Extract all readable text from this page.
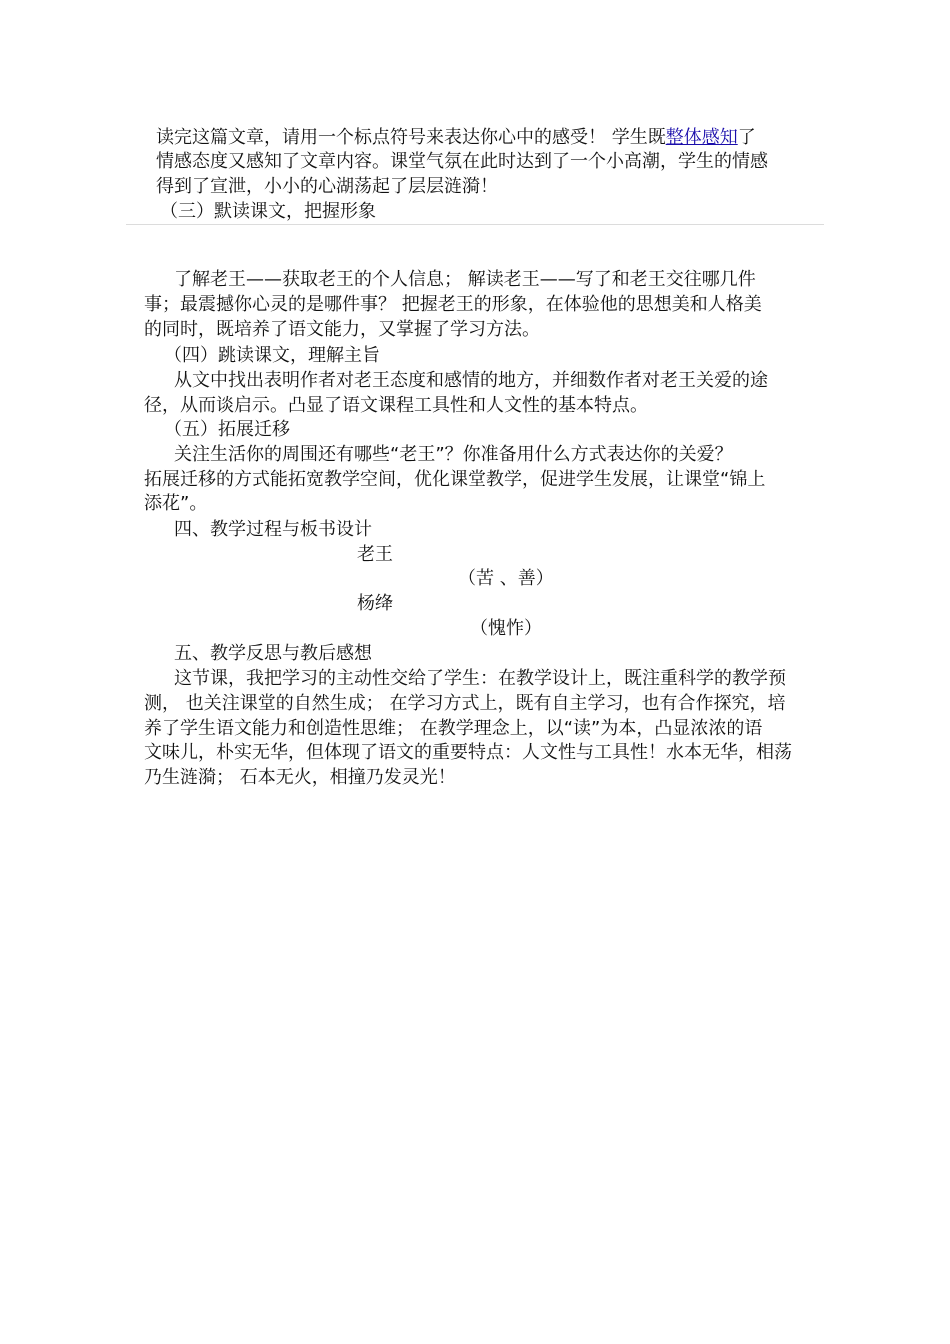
读完这篇文章，请用一个标点符号来表达你心中的感受！ 学生既整体感知了
情感态度又感知了文章内容。课堂气氛在此时达到了一个小高潮，学生的情感
得到了宣泄，小小的心湖荡起了层层涟漪！
（三）默读课文，把握形象
了解老王——获取老王的个人信息； 解读老王——写了和老王交往哪几件
事；最震撼你心灵的是哪件事？ 把握老王的形象，在体验他的思想美和人格美
的同时，既培养了语文能力，又掌握了学习方法。
（四）跳读课文，理解主旨
从文中找出表明作者对老王态度和感情的地方，并细数作者对老王关爱的途
径，从而谈启示。凸显了语文课程工具性和人文性的基本特点。
（五）拓展迁移
关注生活你的周围还有哪些“老王”？你准备用什么方式表达你的关爱？
拓展迁移的方式能拓宽教学空间，优化课堂教学，促进学生发展，让课堂“锦上
添花”。
四、教学过程与板书设计
老王
（苦 、善）
杨绛
（愧怍）
五、教学反思与教后感想
这节课，我把学习的主动性交给了学生：在教学设计上，既注重科学的教学预
测， 也关注课堂的自然生成； 在学习方式上，既有自主学习，也有合作探究，培
养了学生语文能力和创造性思维； 在教学理念上，以“读”为本，凸显浓浓的语
文味儿，朴实无华，但体现了语文的重要特点：人文性与工具性！水本无华，相荡
乃生涟漪； 石本无火，相撞乃发灵光！
